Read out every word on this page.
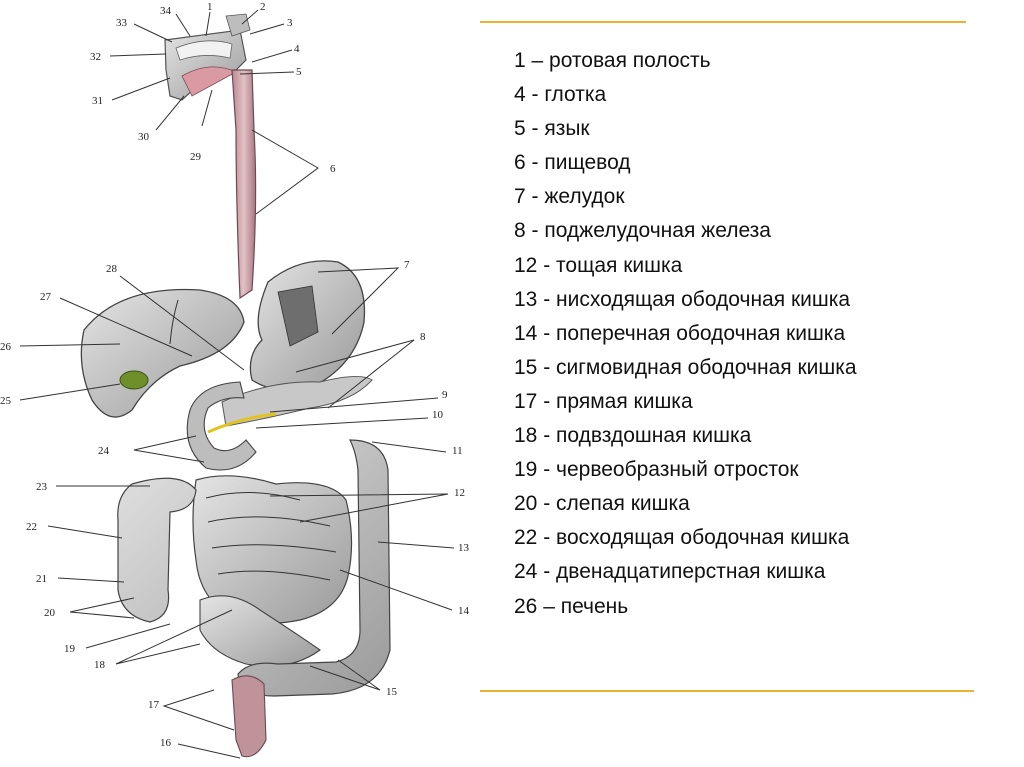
1	2
3
4
5
6
7
8
9
10
11
12
13
14
15
16
17
18
19
20
21
22
23
24
25
26
27
28
29
30
31
32
33
34
1 – ротовая полость
4 - глотка
5 - язык
6 - пищевод
7 - желудок
8 - поджелудочная железа
12 - тощая кишка
13 - нисходящая ободочная кишка
14 - поперечная ободочная кишка
15 - сигмовидная ободочная кишка
17 - прямая кишка
18 - подвздошная кишка
19 - червеобразный отросток
20 - слепая кишка
22 - восходящая ободочная кишка
24 - двенадцатиперстная кишка
26 – печень
